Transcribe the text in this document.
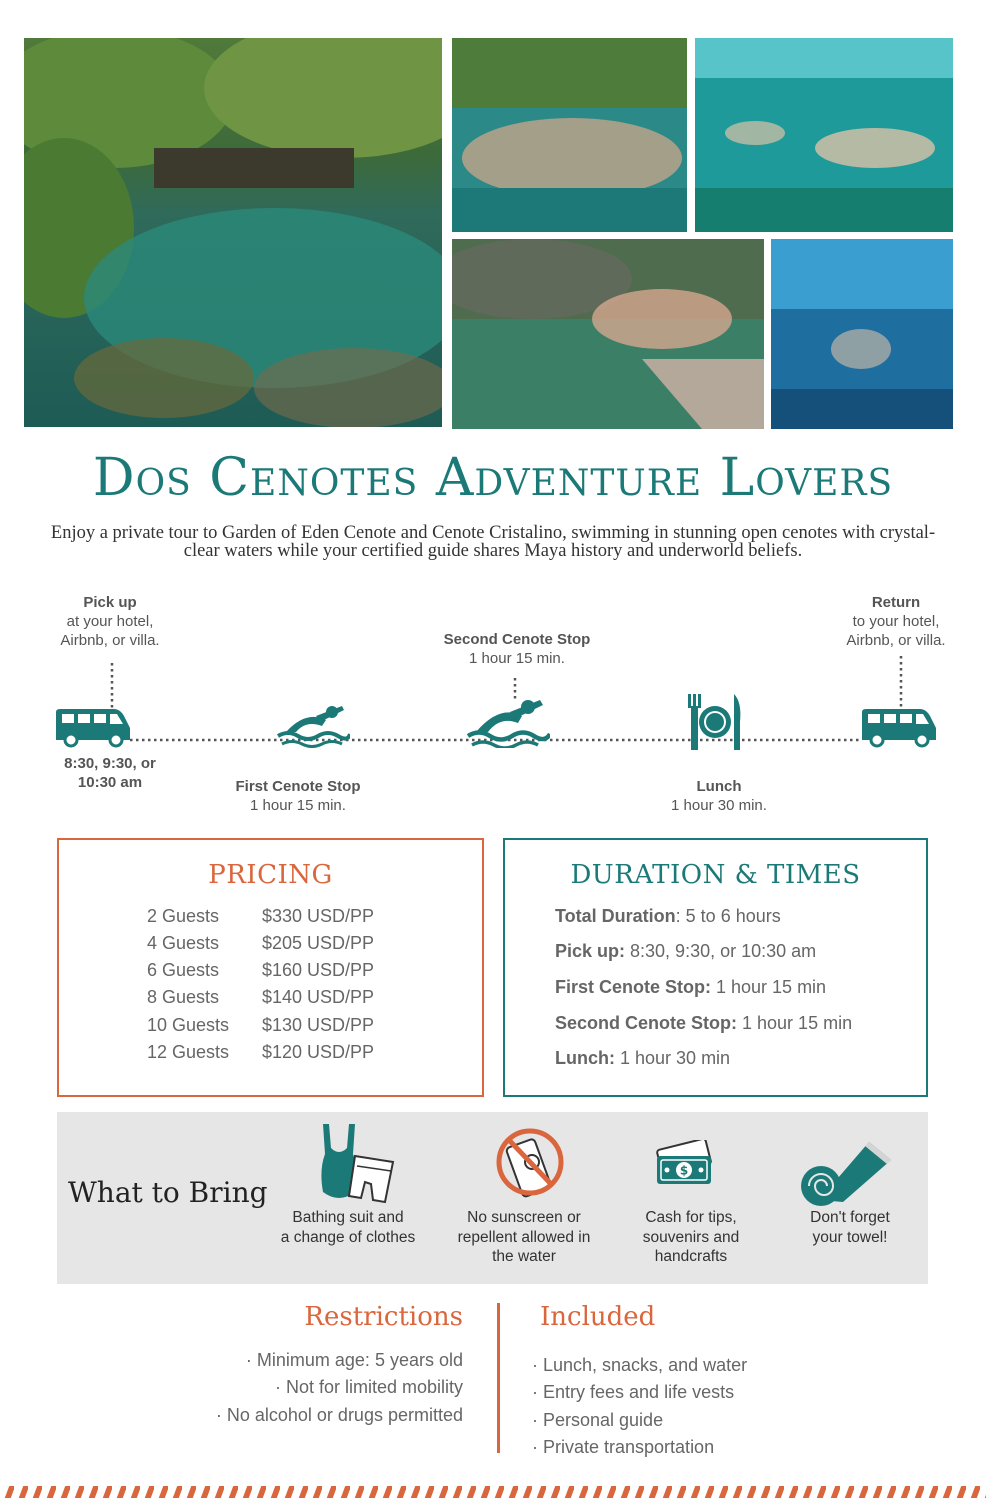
Dos Cenotes Adventure Lovers
Enjoy a private tour to Garden of Eden Cenote and Cenote Cristalino, swimming in stunning open cenotes with crystal-clear waters while your certified guide shares Maya history and underworld beliefs.
Pick up
at your hotel,
Airbnb, or villa.
8:30, 9:30, or
10:30 am
Second Cenote Stop
1 hour 15 min.
First Cenote Stop
1 hour 15 min.
Lunch
1 hour 30 min.
Return
to your hotel,
Airbnb, or villa.
PRICING
2 Guests $330 USD/PP
4 Guests $205 USD/PP
6 Guests $160 USD/PP
8 Guests $140 USD/PP
10 Guests $130 USD/PP
12 Guests $120 USD/PP
DURATION & TIMES
Total Duration: 5 to 6 hours
Pick up: 8:30, 9:30, or 10:30 am
First Cenote Stop: 1 hour 15 min
Second Cenote Stop: 1 hour 15 min
Lunch: 1 hour 30 min
What to Bring
$
Bathing suit and
a change of clothes
No sunscreen or
repellent allowed in
the water
Cash for tips,
souvenirs and
handcrafts
Don't forget
your towel!
Restrictions
· Minimum age: 5 years old
· Not for limited mobility
· No alcohol or drugs permitted
Included
· Lunch, snacks, and water
· Entry fees and life vests
· Personal guide
· Private transportation
